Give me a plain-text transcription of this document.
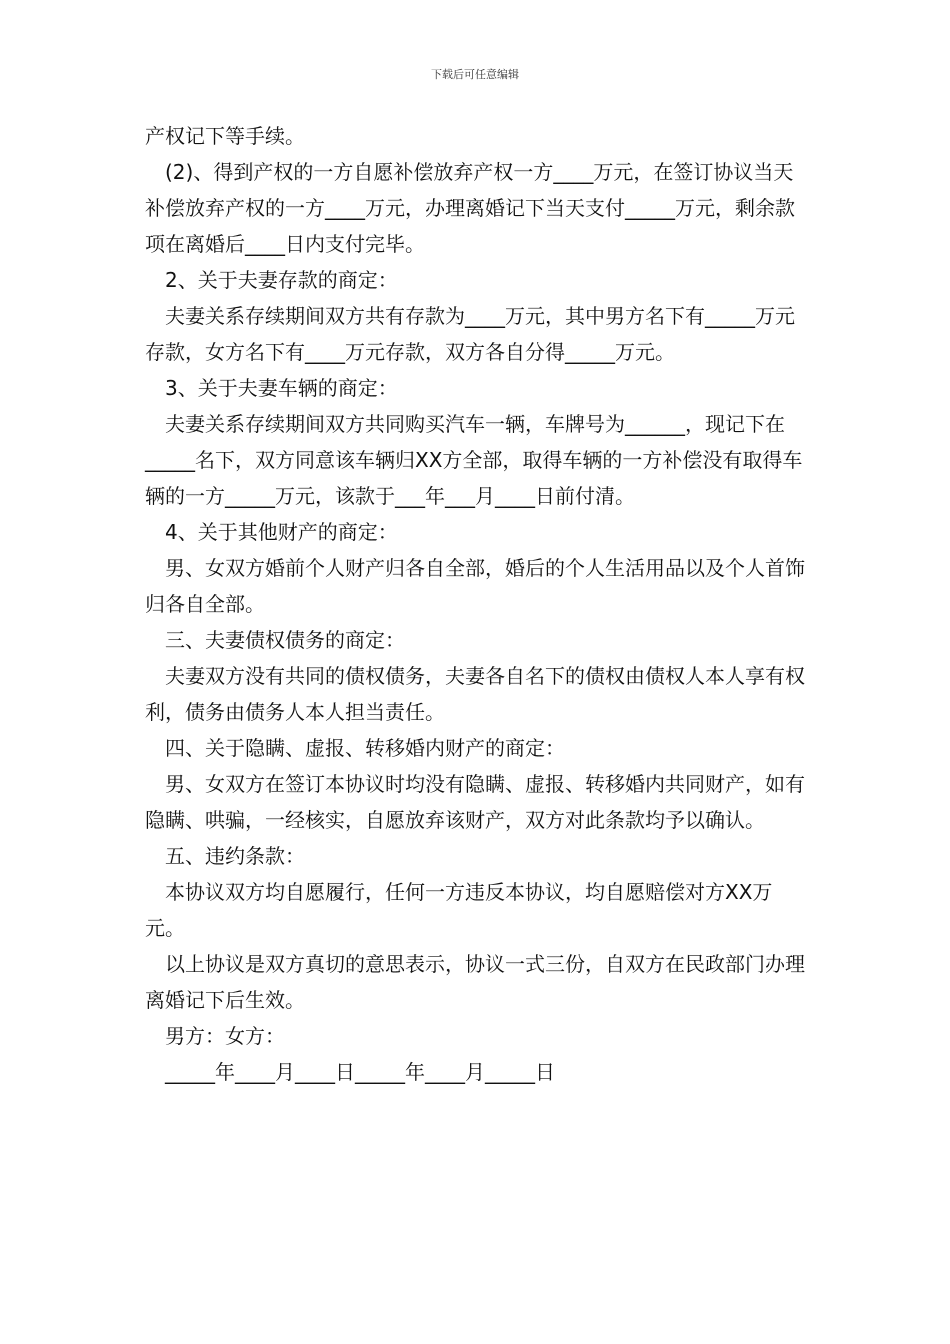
下载后可任意编辑

产权记下等手续。

(2)、得到产权的一方自愿补偿放弃产权一方____万元，在签订协议当天补偿放弃产权的一方____万元，办理离婚记下当天支付_____万元，剩余款项在离婚后____日内支付完毕。

2、关于夫妻存款的商定：

夫妻关系存续期间双方共有存款为____万元，其中男方名下有_____万元存款，女方名下有____万元存款，双方各自分得_____万元。

3、关于夫妻车辆的商定：

夫妻关系存续期间双方共同购买汽车一辆，车牌号为______，现记下在_____名下，双方同意该车辆归XX方全部，取得车辆的一方补偿没有取得车辆的一方_____万元，该款于___年___月____日前付清。

4、关于其他财产的商定：

男、女双方婚前个人财产归各自全部，婚后的个人生活用品以及个人首饰归各自全部。

三、夫妻债权债务的商定：

夫妻双方没有共同的债权债务，夫妻各自名下的债权由债权人本人享有权利，债务由债务人本人担当责任。

四、关于隐瞒、虚报、转移婚内财产的商定：

男、女双方在签订本协议时均没有隐瞒、虚报、转移婚内共同财产，如有隐瞒、哄骗，一经核实，自愿放弃该财产，双方对此条款均予以确认。

五、违约条款：

本协议双方均自愿履行，任何一方违反本协议，均自愿赔偿对方XX万元。

以上协议是双方真切的意思表示，协议一式三份，自双方在民政部门办理离婚记下后生效。

男方：女方：

_____年____月____日_____年____月_____日
